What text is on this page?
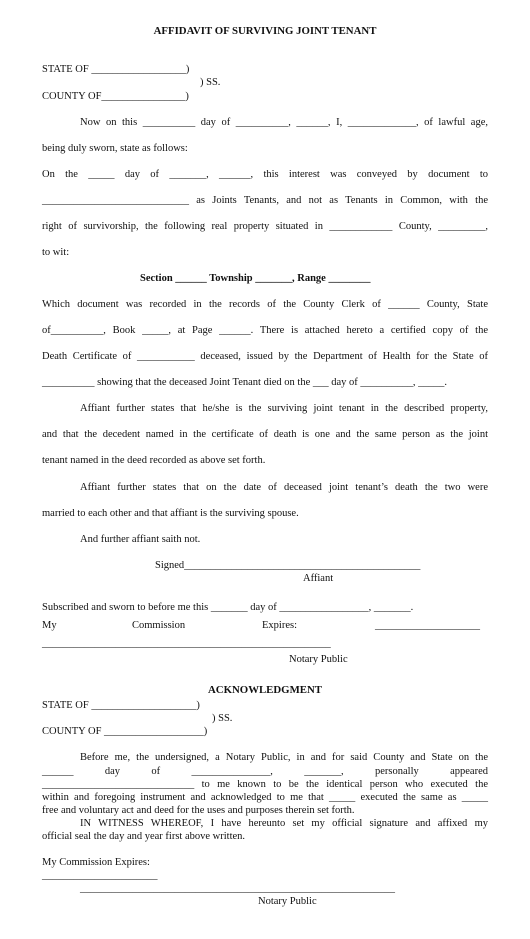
AFFIDAVIT OF SURVIVING JOINT TENANT
STATE OF __________________)
) SS.
COUNTY OF________________)
Now on this __________ day of __________, ______, I, _____________, of lawful age,
being duly sworn, state as follows:
On the _____ day of _______, ______, this interest was conveyed by document to
____________________________ as Joints Tenants, and not as Tenants in Common, with the
right of survivorship, the following real property situated in ____________ County, _________,
to wit:
Section ______ Township _______, Range ________
Which document was recorded in the records of the County Clerk of ______ County, State
of__________, Book _____, at Page ______. There is attached hereto a certified copy of the
Death Certificate of ___________ deceased, issued by the Department of Health for the State of
__________ showing that the deceased Joint Tenant died on the ___ day of __________, _____.
Affiant further states that he/she is the surviving joint tenant in the described property,
and that the decedent named in the certificate of death is one and the same person as the joint
tenant named in the deed recorded as above set forth.
Affiant further states that on the date of deceased joint tenant’s death the two were
married to each other and that affiant is the surviving spouse.
And further affiant saith not.
Signed_____________________________________________
Affiant
Subscribed and sworn to before me this _______ day of _________________, _______.
My	Commission	Expires:	____________________
_______________________________________________________
Notary Public
ACKNOWLEDGMENT
STATE OF ____________________)
) SS.
COUNTY OF ___________________)
Before me, the undersigned, a Notary Public, in and for said County and State on the
______ day of _______________, _______, personally appeared
_____________________________ to me known to be the identical person who executed the
within and foregoing instrument and acknowledged to me that _____ executed the same as _____
free and voluntary act and deed for the uses and purposes therein set forth.
IN WITNESS WHEREOF, I have hereunto set my official signature and affixed my
official seal the day and year first above written.
My Commission Expires:
______________________
____________________________________________________________
Notary Public
